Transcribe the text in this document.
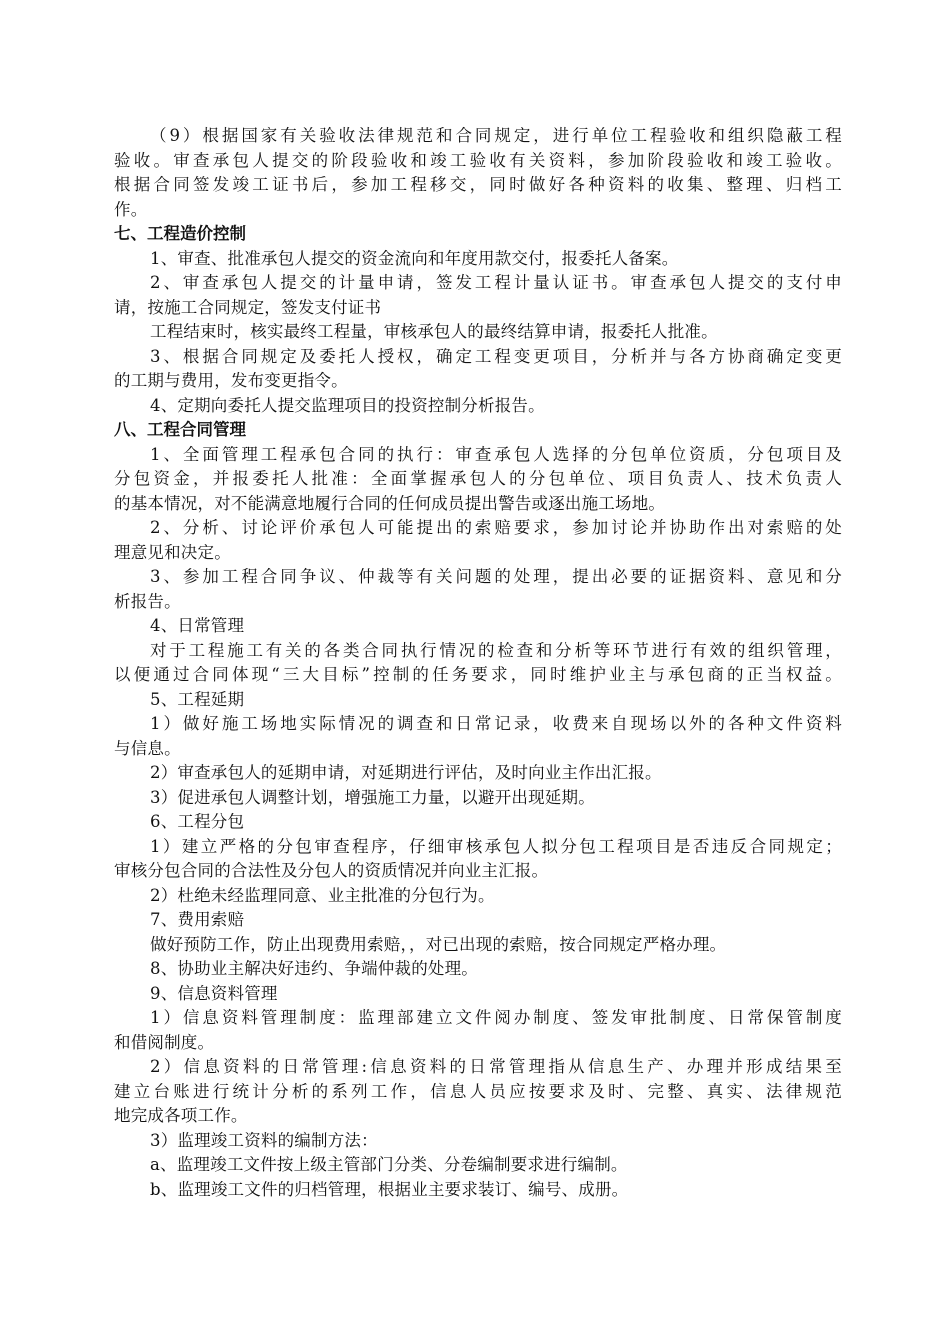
（9）根据国家有关验收法律规范和合同规定，进行单位工程验收和组织隐蔽工程
验收。审查承包人提交的阶段验收和竣工验收有关资料，参加阶段验收和竣工验收。
根据合同签发竣工证书后，参加工程移交，同时做好各种资料的收集、整理、归档工
作。
七、工程造价控制
1、审查、批准承包人提交的资金流向和年度用款交付，报委托人备案。
2、审查承包人提交的计量申请，签发工程计量认证书。审查承包人提交的支付申
请，按施工合同规定，签发支付证书
工程结束时，核实最终工程量，审核承包人的最终结算申请，报委托人批准。
3、根据合同规定及委托人授权，确定工程变更项目，分析并与各方协商确定变更
的工期与费用，发布变更指令。
4、定期向委托人提交监理项目的投资控制分析报告。
八、工程合同管理
1、全面管理工程承包合同的执行：审查承包人选择的分包单位资质，分包项目及
分包资金，并报委托人批准：全面掌握承包人的分包单位、项目负责人、技术负责人
的基本情况，对不能满意地履行合同的任何成员提出警告或逐出施工场地。
2、分析、讨论评价承包人可能提出的索赔要求，参加讨论并协助作出对索赔的处
理意见和决定。
3、参加工程合同争议、仲裁等有关问题的处理，提出必要的证据资料、意见和分
析报告。
4、日常管理
对于工程施工有关的各类合同执行情况的检查和分析等环节进行有效的组织管理，
以便通过合同体现“三大目标”控制的任务要求，同时维护业主与承包商的正当权益。
5、工程延期
1）做好施工场地实际情况的调查和日常记录，收费来自现场以外的各种文件资料
与信息。
2）审查承包人的延期申请，对延期进行评估，及时向业主作出汇报。
3）促进承包人调整计划，增强施工力量，以避开出现延期。
6、工程分包
1）建立严格的分包审查程序，仔细审核承包人拟分包工程项目是否违反合同规定；
审核分包合同的合法性及分包人的资质情况并向业主汇报。
2）杜绝未经监理同意、业主批准的分包行为。
7、费用索赔
做好预防工作，防止出现费用索赔，，对已出现的索赔，按合同规定严格办理。
8、协助业主解决好违约、争端仲裁的处理。
9、信息资料管理
1）信息资料管理制度：监理部建立文件阅办制度、签发审批制度、日常保管制度
和借阅制度。
2）信息资料的日常管理:信息资料的日常管理指从信息生产、办理并形成结果至
建立台账进行统计分析的系列工作，信息人员应按要求及时、完整、真实、法律规范
地完成各项工作。
3）监理竣工资料的编制方法：
a、监理竣工文件按上级主管部门分类、分卷编制要求进行编制。
b、监理竣工文件的归档管理，根据业主要求装订、编号、成册。
